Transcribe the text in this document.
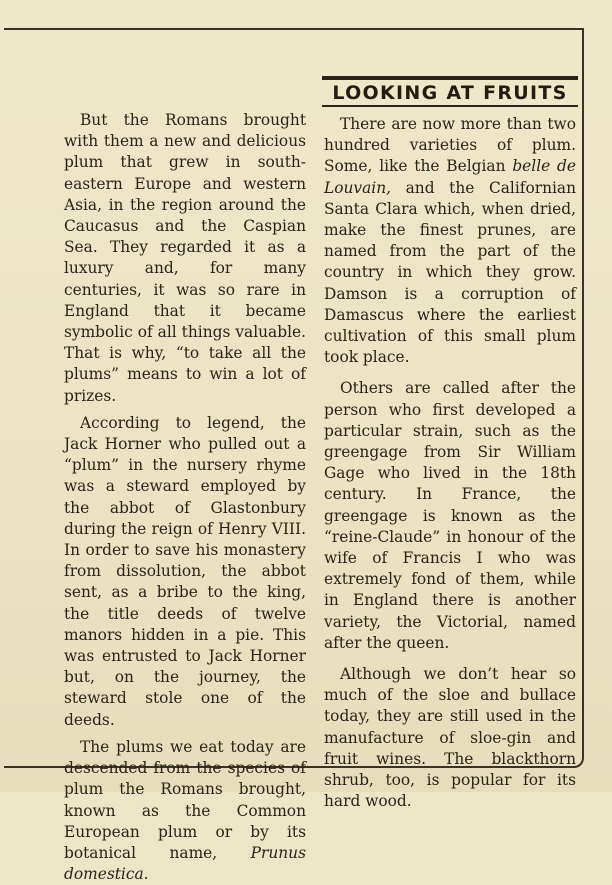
But the Romans brought with them a new and delicious plum that grew in south-eastern Europe and western Asia, in the region around the Caucasus and the Caspian Sea. They regarded it as a luxury and, for many centuries, it was so rare in England that it became symbolic of all things valuable. That is why, “to take all the plums” means to win a lot of prizes.

According to legend, the Jack Horner who pulled out a “plum” in the nursery rhyme was a steward employed by the abbot of Glastonbury during the reign of Henry VIII. In order to save his monastery from dissolution, the abbot sent, as a bribe to the king, the title deeds of twelve manors hidden in a pie. This was entrusted to Jack Horner but, on the journey, the steward stole one of the deeds.

The plums we eat today are descended from the species of plum the Romans brought, known as the Common European plum or by its botanical name, Prunus domestica.

LOOKING AT FRUITS

There are now more than two hundred varieties of plum. Some, like the Belgian belle de Louvain, and the Californian Santa Clara which, when dried, make the finest prunes, are named from the part of the country in which they grow. Damson is a corruption of Damascus where the earliest cultivation of this small plum took place.

Others are called after the person who first developed a particular strain, such as the greengage from Sir William Gage who lived in the 18th century. In France, the greengage is known as the “reine-Claude” in honour of the wife of Francis I who was extremely fond of them, while in England there is another variety, the Victorial, named after the queen.

Although we don’t hear so much of the sloe and bullace today, they are still used in the manufacture of sloe-gin and fruit wines. The blackthorn shrub, too, is popular for its hard wood.
